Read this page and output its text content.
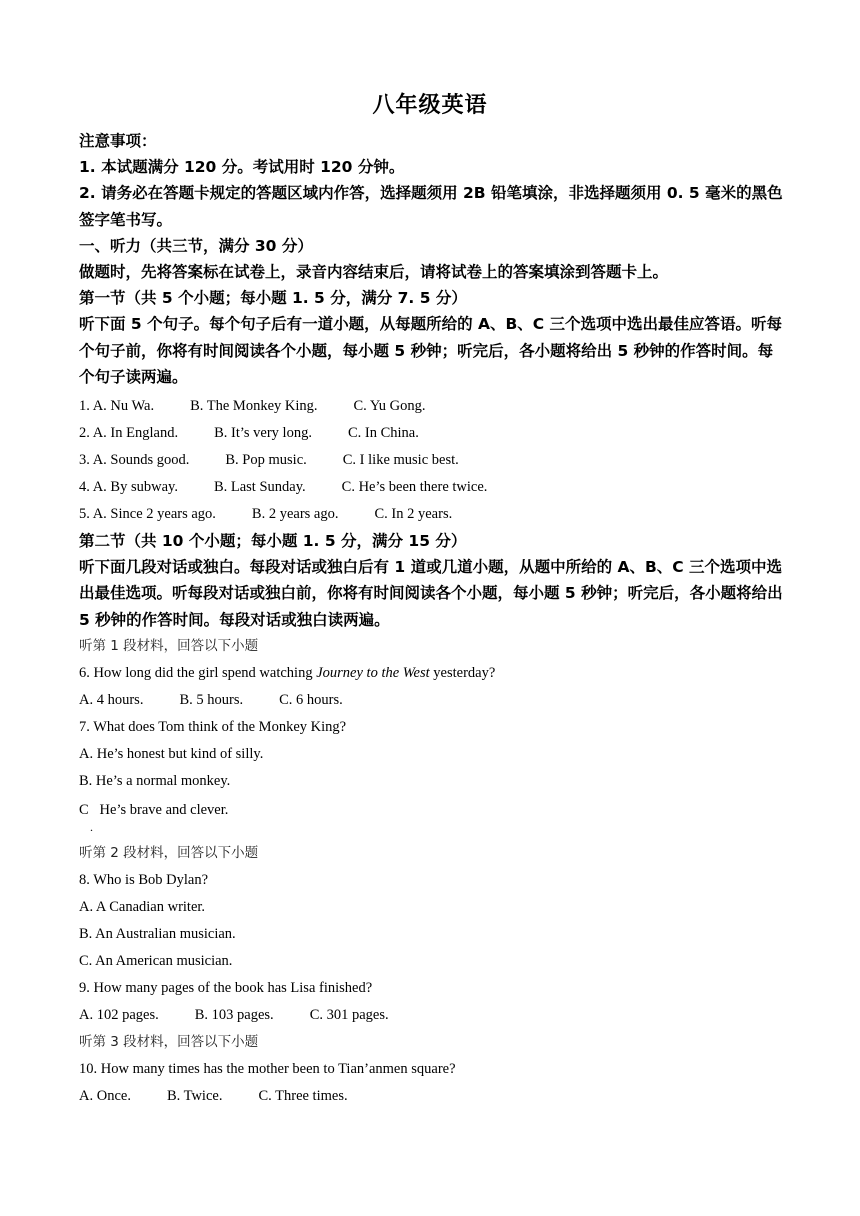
八年级英语

注意事项：

1. 本试题满分 120 分。考试用时 120 分钟。

2. 请务必在答题卡规定的答题区域内作答，选择题须用 2B 铅笔填涂，非选择题须用 0. 5 毫米的黑色签字笔书写。

一、听力（共三节，满分 30 分）

做题时，先将答案标在试卷上，录音内容结束后，请将试卷上的答案填涂到答题卡上。

第一节（共 5 个小题；每小题 1. 5 分，满分 7. 5 分）

听下面 5 个句子。每个句子后有一道小题，从每题所给的 A、B、C 三个选项中选出最佳应答语。听每个句子前，你将有时间阅读各个小题，每小题 5 秒钟；听完后，各小题将给出 5 秒钟的作答时间。每个句子读两遍。

1. A. Nu Wa. B. The Monkey King. C. Yu Gong.

2. A. In England. B. It’s very long. C. In China.

3. A. Sounds good. B. Pop music. C. I like music best.

4. A. By subway. B. Last Sunday. C. He’s been there twice.

5. A. Since 2 years ago. B. 2 years ago. C. In 2 years.

第二节（共 10 个小题；每小题 1. 5 分，满分 15 分）

听下面几段对话或独白。每段对话或独白后有 1 道或几道小题，从题中所给的 A、B、C 三个选项中选出最佳选项。听每段对话或独白前，你将有时间阅读各个小题，每小题 5 秒钟；听完后，各小题将给出 5 秒钟的作答时间。每段对话或独白读两遍。

听第 1 段材料，回答以下小题

6. How long did the girl spend watching Journey to the West yesterday?

A. 4 hours. B. 5 hours. C. 6 hours.

7. What does Tom think of the Monkey King?

A. He’s honest but kind of silly.

B. He’s a normal monkey.

C He’s brave and clever.
.

听第 2 段材料，回答以下小题

8. Who is Bob Dylan?

A. A Canadian writer.

B. An Australian musician.

C. An American musician.

9. How many pages of the book has Lisa finished?

A. 102 pages. B. 103 pages. C. 301 pages.

听第 3 段材料，回答以下小题

10. How many times has the mother been to Tian’anmen square?

A. Once. B. Twice. C. Three times.
